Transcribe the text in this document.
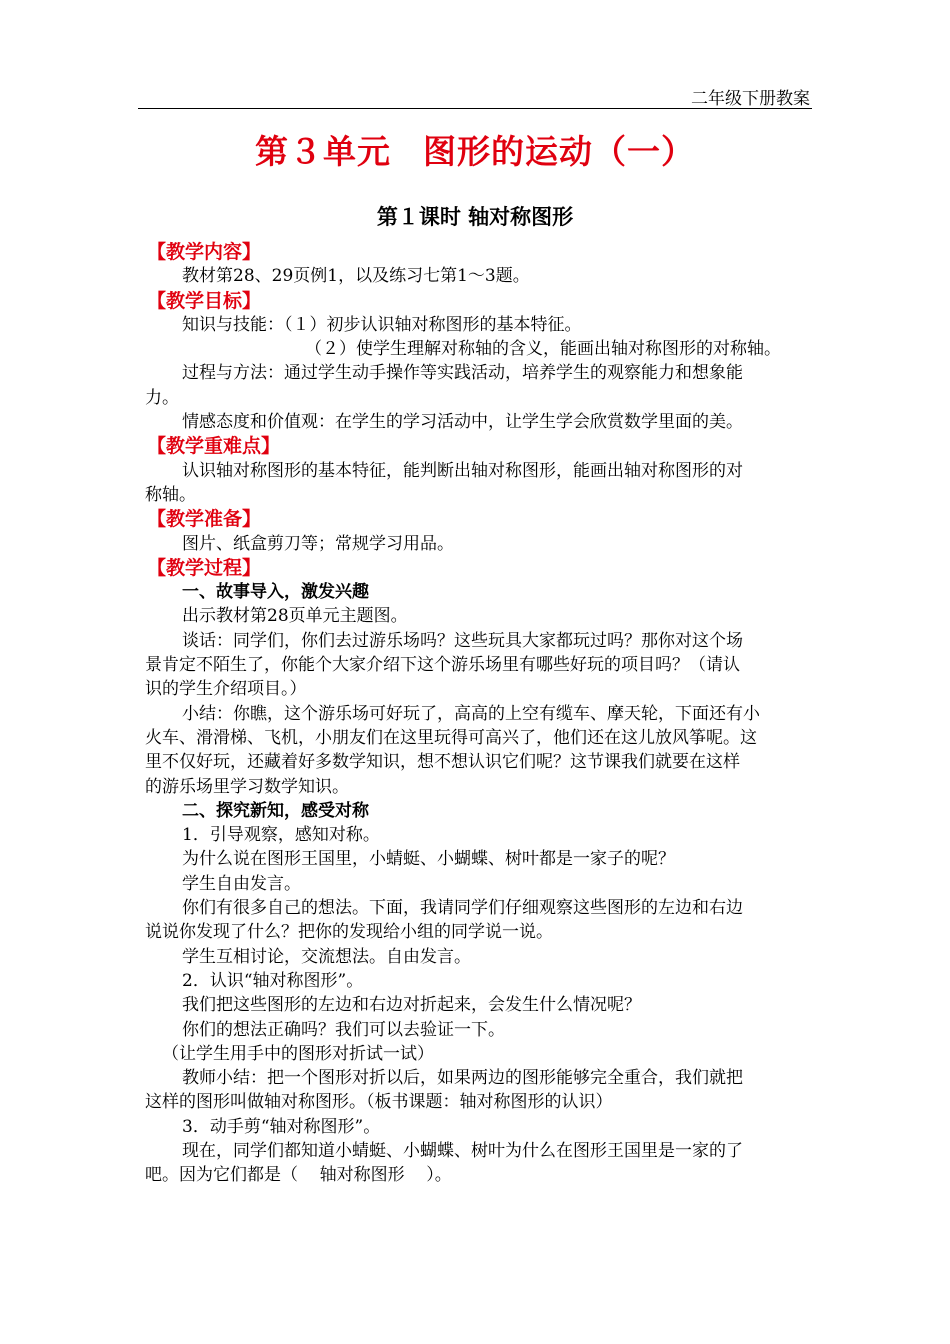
二年级下册教案
第３单元 图形的运动（一）
第１课时 轴对称图形
【教学内容】
教材第28、29页例1，以及练习七第1～3题。
【教学目标】
知识与技能：（１）初步认识轴对称图形的基本特征。
（２）使学生理解对称轴的含义，能画出轴对称图形的对称轴。
过程与方法：通过学生动手操作等实践活动，培养学生的观察能力和想象能
力。
情感态度和价值观：在学生的学习活动中，让学生学会欣赏数学里面的美。
【教学重难点】
认识轴对称图形的基本特征，能判断出轴对称图形，能画出轴对称图形的对
称轴。
【教学准备】
图片、纸盒剪刀等；常规学习用品。
【教学过程】
一、故事导入，激发兴趣
出示教材第28页单元主题图。
谈话：同学们，你们去过游乐场吗？这些玩具大家都玩过吗？那你对这个场
景肯定不陌生了，你能个大家介绍下这个游乐场里有哪些好玩的项目吗？（请认
识的学生介绍项目。）
小结：你瞧，这个游乐场可好玩了，高高的上空有缆车、摩天轮，下面还有小
火车、滑滑梯、飞机，小朋友们在这里玩得可高兴了，他们还在这儿放风筝呢。这
里不仅好玩，还藏着好多数学知识，想不想认识它们呢？这节课我们就要在这样
的游乐场里学习数学知识。
二、探究新知，感受对称
1．引导观察，感知对称。
为什么说在图形王国里，小蜻蜓、小蝴蝶、树叶都是一家子的呢？
学生自由发言。
你们有很多自己的想法。下面，我请同学们仔细观察这些图形的左边和右边
说说你发现了什么？把你的发现给小组的同学说一说。
学生互相讨论，交流想法。自由发言。
2．认识“轴对称图形”。
我们把这些图形的左边和右边对折起来，会发生什么情况呢？
你们的想法正确吗？我们可以去验证一下。
（让学生用手中的图形对折试一试）
教师小结：把一个图形对折以后，如果两边的图形能够完全重合，我们就把
这样的图形叫做轴对称图形。（板书课题：轴对称图形的认识）
3．动手剪“轴对称图形”。
现在，同学们都知道小蜻蜓、小蝴蝶、树叶为什么在图形王国里是一家的了
吧。因为它们都是（    轴对称图形    ）。
